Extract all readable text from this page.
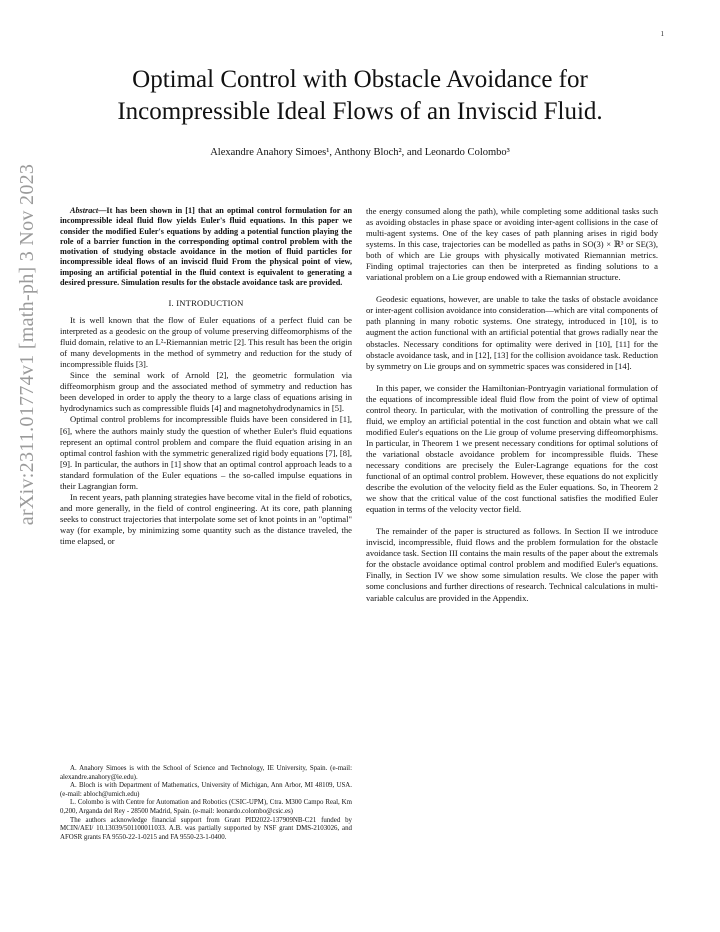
1
arXiv:2311.01774v1 [math-ph] 3 Nov 2023
Optimal Control with Obstacle Avoidance for
Incompressible Ideal Flows of an Inviscid Fluid.
Alexandre Anahory Simoes¹, Anthony Bloch², and Leonardo Colombo³

Abstract—It has been shown in [1] that an optimal control formulation for an incompressible ideal fluid flow yields Euler's fluid equations. In this paper we consider the modified Euler's equations by adding a potential function playing the role of a barrier function in the corresponding optimal control problem with the motivation of studying obstacle avoidance in the motion of fluid particles for incompressible ideal flows of an inviscid fluid From the physical point of view, imposing an artificial potential in the fluid context is equivalent to generating a desired pressure. Simulation results for the obstacle avoidance task are provided.

I. INTRODUCTION

It is well known that the flow of Euler equations of a perfect fluid can be interpreted as a geodesic on the group of volume preserving diffeomorphisms of the fluid domain, relative to an L²-Riemannian metric [2]. This result has been the origin of many developments in the method of symmetry and reduction for the study of incompressible fluids [3].

Since the seminal work of Arnold [2], the geometric formulation via diffeomorphism group and the associated method of symmetry and reduction has been developed in order to apply the theory to a large class of equations arising in hydrodynamics such as compressible fluids [4] and magnetohydrodynamics in [5].

Optimal control problems for incompressible fluids have been considered in [1], [6], where the authors mainly study the question of whether Euler's fluid equations represent an optimal control problem and compare the fluid equation arising in an optimal control fashion with the symmetric generalized rigid body equations [7], [8], [9]. In particular, the authors in [1] show that an optimal control approach leads to a standard formulation of the Euler equations – the so-called impulse equations in their Lagrangian form.

In recent years, path planning strategies have become vital in the field of robotics, and more generally, in the field of control engineering. At its core, path planning seeks to construct trajectories that interpolate some set of knot points in an "optimal" way (for example, by minimizing some quantity such as the distance traveled, the time elapsed, or

A. Anahory Simoes is with the School of Science and Technology, IE University, Spain. (e-mail: alexandre.anahory@ie.edu).

A. Bloch is with Department of Mathematics, University of Michigan, Ann Arbor, MI 48109, USA. (e-mail: abloch@umich.edu)

L. Colombo is with Centre for Automation and Robotics (CSIC-UPM), Ctra. M300 Campo Real, Km 0,200, Arganda del Rey - 28500 Madrid, Spain. (e-mail: leonardo.colombo@csic.es)

The authors acknowledge financial support from Grant PID2022-137909NB-C21 funded by MCIN/AEI/ 10.13039/501100011033. A.B. was partially supported by NSF grant DMS-2103026, and AFOSR grants FA 9550-22-1-0215 and FA 9550-23-1-0400.

the energy consumed along the path), while completing some additional tasks such as avoiding obstacles in phase space or avoiding inter-agent collisions in the case of multi-agent systems. One of the key cases of path planning arises in rigid body systems. In this case, trajectories can be modelled as paths in SO(3) × ℝ³ or SE(3), both of which are Lie groups with physically motivated Riemannian metrics. Finding optimal trajectories can then be interpreted as finding solutions to a variational problem on a Lie group endowed with a Riemannian structure.

Geodesic equations, however, are unable to take the tasks of obstacle avoidance or inter-agent collision avoidance into consideration—which are vital components of path planning in many robotic systems. One strategy, introduced in [10], is to augment the action functional with an artificial potential that grows radially near the obstacles. Necessary conditions for optimality were derived in [10], [11] for the obstacle avoidance task, and in [12], [13] for the collision avoidance task. Reduction by symmetry on Lie groups and on symmetric spaces was considered in [14].

In this paper, we consider the Hamiltonian-Pontryagin variational formulation of the equations of incompressible ideal fluid flow from the point of view of optimal control theory. In particular, with the motivation of controlling the pressure of the fluid, we employ an artificial potential in the cost function and obtain what we call modified Euler's equations on the Lie group of volume preserving diffeomorphisms. In particular, in Theorem 1 we present necessary conditions for optimal solutions of the variational obstacle avoidance problem for incompressible fluids. These necessary conditions are precisely the Euler-Lagrange equations for the cost functional of an optimal control problem. However, these equations do not explicitly describe the evolution of the velocity field as the Euler equations. So, in Theorem 2 we show that the critical value of the cost functional satisfies the modified Euler equation in terms of the velocity vector field.

The remainder of the paper is structured as follows. In Section II we introduce inviscid, incompressible, fluid flows and the problem formulation for the obstacle avoidance task. Section III contains the main results of the paper about the extremals for the obstacle avoidance optimal control problem and modified Euler's equations. Finally, in Section IV we show some simulation results. We close the paper with some conclusions and further directions of research. Technical calculations in multi-variable calculus are provided in the Appendix.
